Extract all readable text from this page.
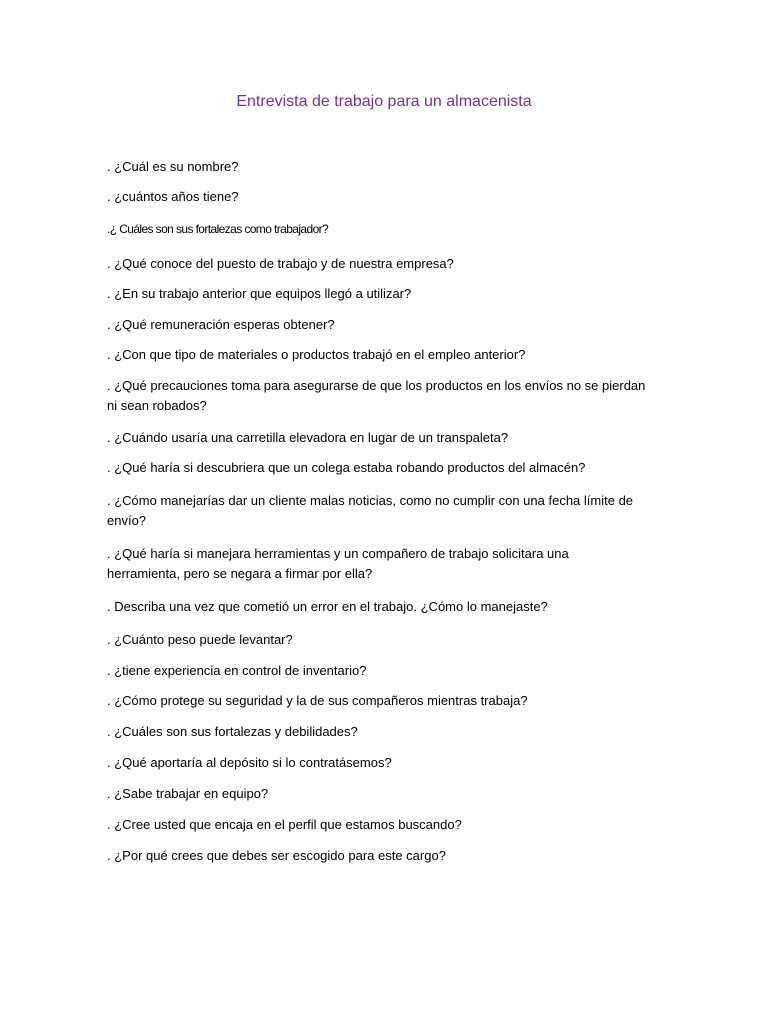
Entrevista de trabajo para un almacenista
. ¿Cuál es su nombre?
. ¿cuántos años tiene?
.¿ Cuáles son sus fortalezas como trabajador?
. ¿Qué conoce del puesto de trabajo y de nuestra empresa?
. ¿En su trabajo anterior que equipos llegó a utilizar?
. ¿Qué remuneración esperas obtener?
. ¿Con que tipo de materiales o productos trabajó en el empleo anterior?
. ¿Qué precauciones toma para asegurarse de que los productos en los envíos no se pierdan ni sean robados?
. ¿Cuándo usaría una carretilla elevadora en lugar de un transpaleta?
. ¿Qué haría si descubriera que un colega estaba robando productos del almacén?
. ¿Cómo manejarías dar un cliente malas noticias, como no cumplir con una fecha límite de envío?
. ¿Qué haría si manejara herramientas y un compañero de trabajo solicitara una herramienta, pero se negara a firmar por ella?
. Describa una vez que cometió un error en el trabajo. ¿Cómo lo manejaste?
. ¿Cuánto peso puede levantar?
. ¿tiene experiencia en control de inventario?
. ¿Cómo protege su seguridad y la de sus compañeros mientras trabaja?
. ¿Cuáles son sus fortalezas y debilidades?
. ¿Qué aportaría al depósito si lo contratásemos?
. ¿Sabe trabajar en equipo?
. ¿Cree usted que encaja en el perfil que estamos buscando?
. ¿Por qué crees que debes ser escogido para este cargo?
